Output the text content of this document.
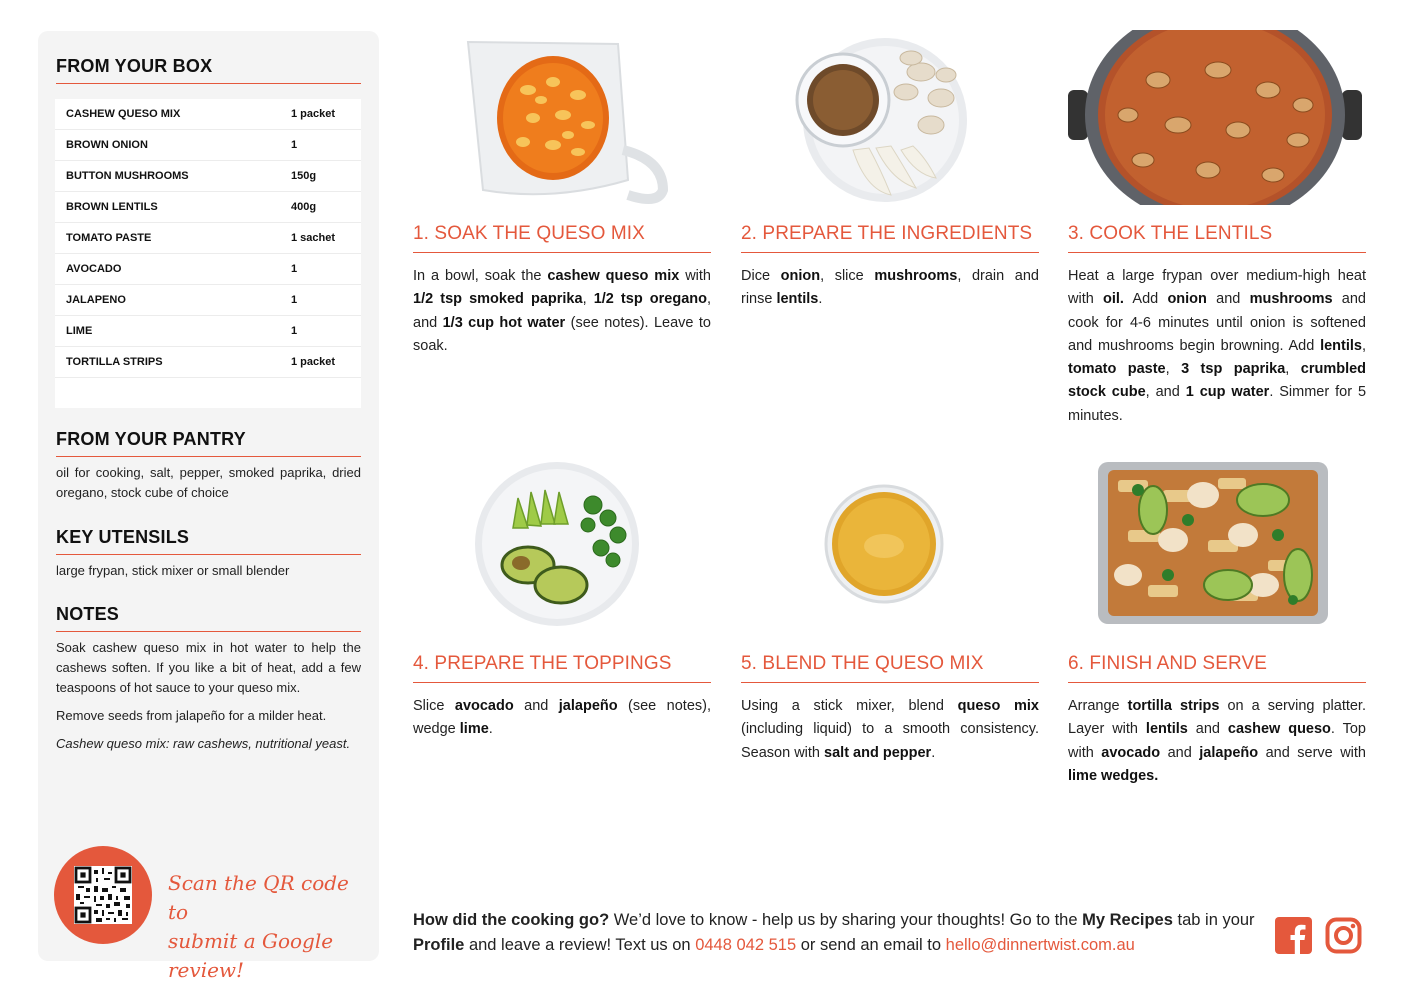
FROM YOUR BOX
CASHEW QUESO MIX	1 packet
BROWN ONION	1
BUTTON MUSHROOMS	150g
BROWN LENTILS	400g
TOMATO PASTE	1 sachet
AVOCADO	1
JALAPENO	1
LIME	1
TORTILLA STRIPS	1 packet
FROM YOUR PANTRY
oil for cooking, salt, pepper, smoked paprika, dried oregano, stock cube of choice
KEY UTENSILS
large frypan, stick mixer or small blender
NOTES

Soak cashew queso mix in hot water to help the cashews soften. If you like a bit of heat, add a few teaspoons of hot sauce to your queso mix.

Remove seeds from jalapeño for a milder heat.

Cashew queso mix: raw cashews, nutritional yeast.

Scan the QR code to
submit a Google review!
1. SOAK THE QUESO MIX
In a bowl, soak the cashew queso mix with 1/2 tsp smoked paprika, 1/2 tsp oregano, and 1/3 cup hot water (see notes). Leave to soak.
2. PREPARE THE INGREDIENTS
Dice onion, slice mushrooms, drain and rinse lentils.
3. COOK THE LENTILS
Heat a large frypan over medium-high heat with oil. Add onion and mushrooms and cook for 4-6 minutes until onion is softened and mushrooms begin browning. Add lentils, tomato paste, 3 tsp paprika, crumbled stock cube, and 1 cup water. Simmer for 5 minutes.
4. PREPARE THE TOPPINGS
Slice avocado and jalapeño (see notes), wedge lime.
5. BLEND THE QUESO MIX
Using a stick mixer, blend queso mix (including liquid) to a smooth consistency. Season with salt and pepper.
6. FINISH AND SERVE
Arrange tortilla strips on a serving platter. Layer with lentils and cashew queso. Top with avocado and jalapeño and serve with lime wedges.
How did the cooking go? We’d love to know - help us by sharing your thoughts! Go to the My Recipes tab in your Profile and leave a review! Text us on 0448 042 515 or send an email to hello@dinnertwist.com.au
